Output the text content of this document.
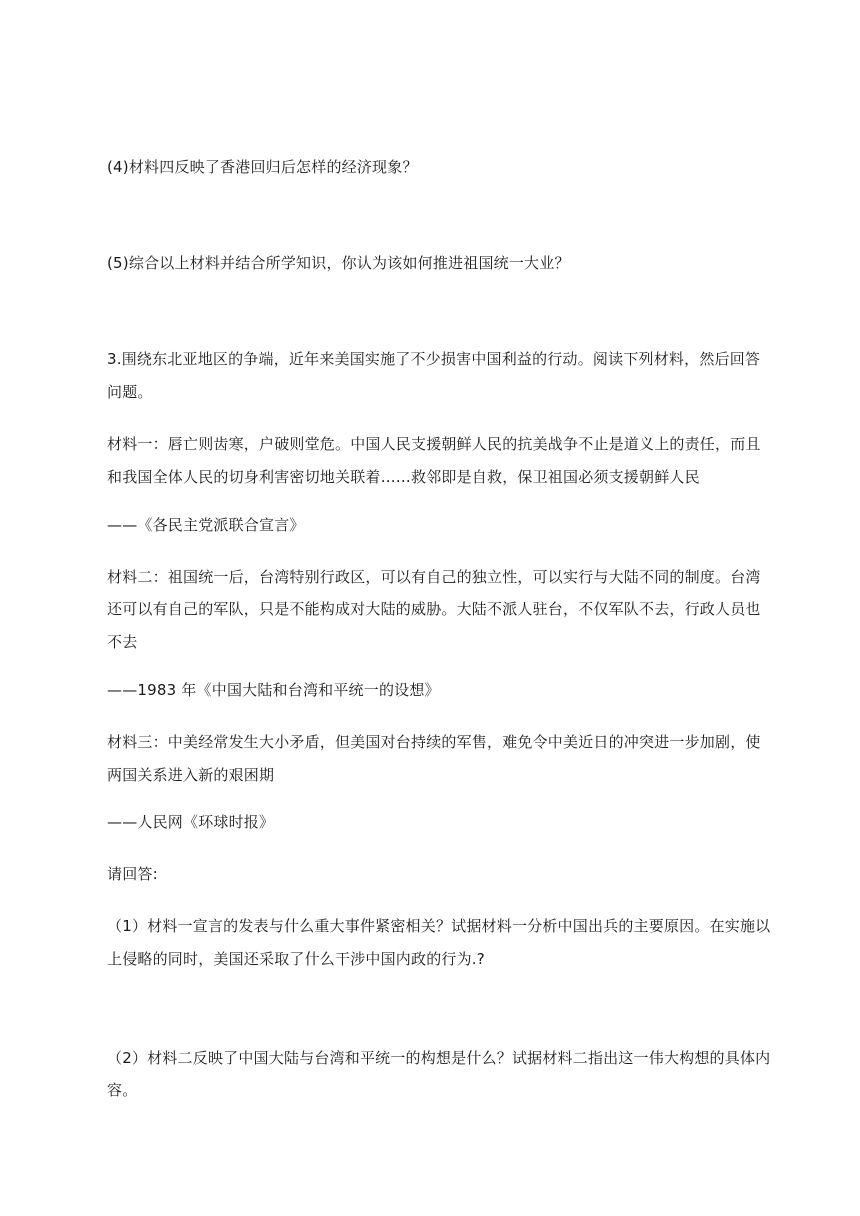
(4)材料四反映了香港回归后怎样的经济现象？
(5)综合以上材料并结合所学知识，你认为该如何推进祖国统一大业？
3.围绕东北亚地区的争端，近年来美国实施了不少损害中国利益的行动。阅读下列材料，然后回答
问题。
材料一：唇亡则齿寒，户破则堂危。中国人民支援朝鲜人民的抗美战争不止是道义上的责任，而且
和我国全体人民的切身利害密切地关联着……救邻即是自救，保卫祖国必须支援朝鲜人民
——《各民主党派联合宣言》
材料二：祖国统一后，台湾特别行政区，可以有自己的独立性，可以实行与大陆不同的制度。台湾
还可以有自己的军队，只是不能构成对大陆的威胁。大陆不派人驻台，不仅军队不去，行政人员也
不去
——1983 年《中国大陆和台湾和平统一的设想》
材料三：中美经常发生大小矛盾，但美国对台持续的军售，难免令中美近日的冲突进一步加剧，使
两国关系进入新的艰困期
——人民网《环球时报》
请回答:
（1）材料一宣言的发表与什么重大事件紧密相关？试据材料一分析中国出兵的主要原因。在实施以
上侵略的同时，美国还采取了什么干涉中国内政的行为.?
（2）材料二反映了中国大陆与台湾和平统一的构想是什么？试据材料二指出这一伟大构想的具体内
容。
